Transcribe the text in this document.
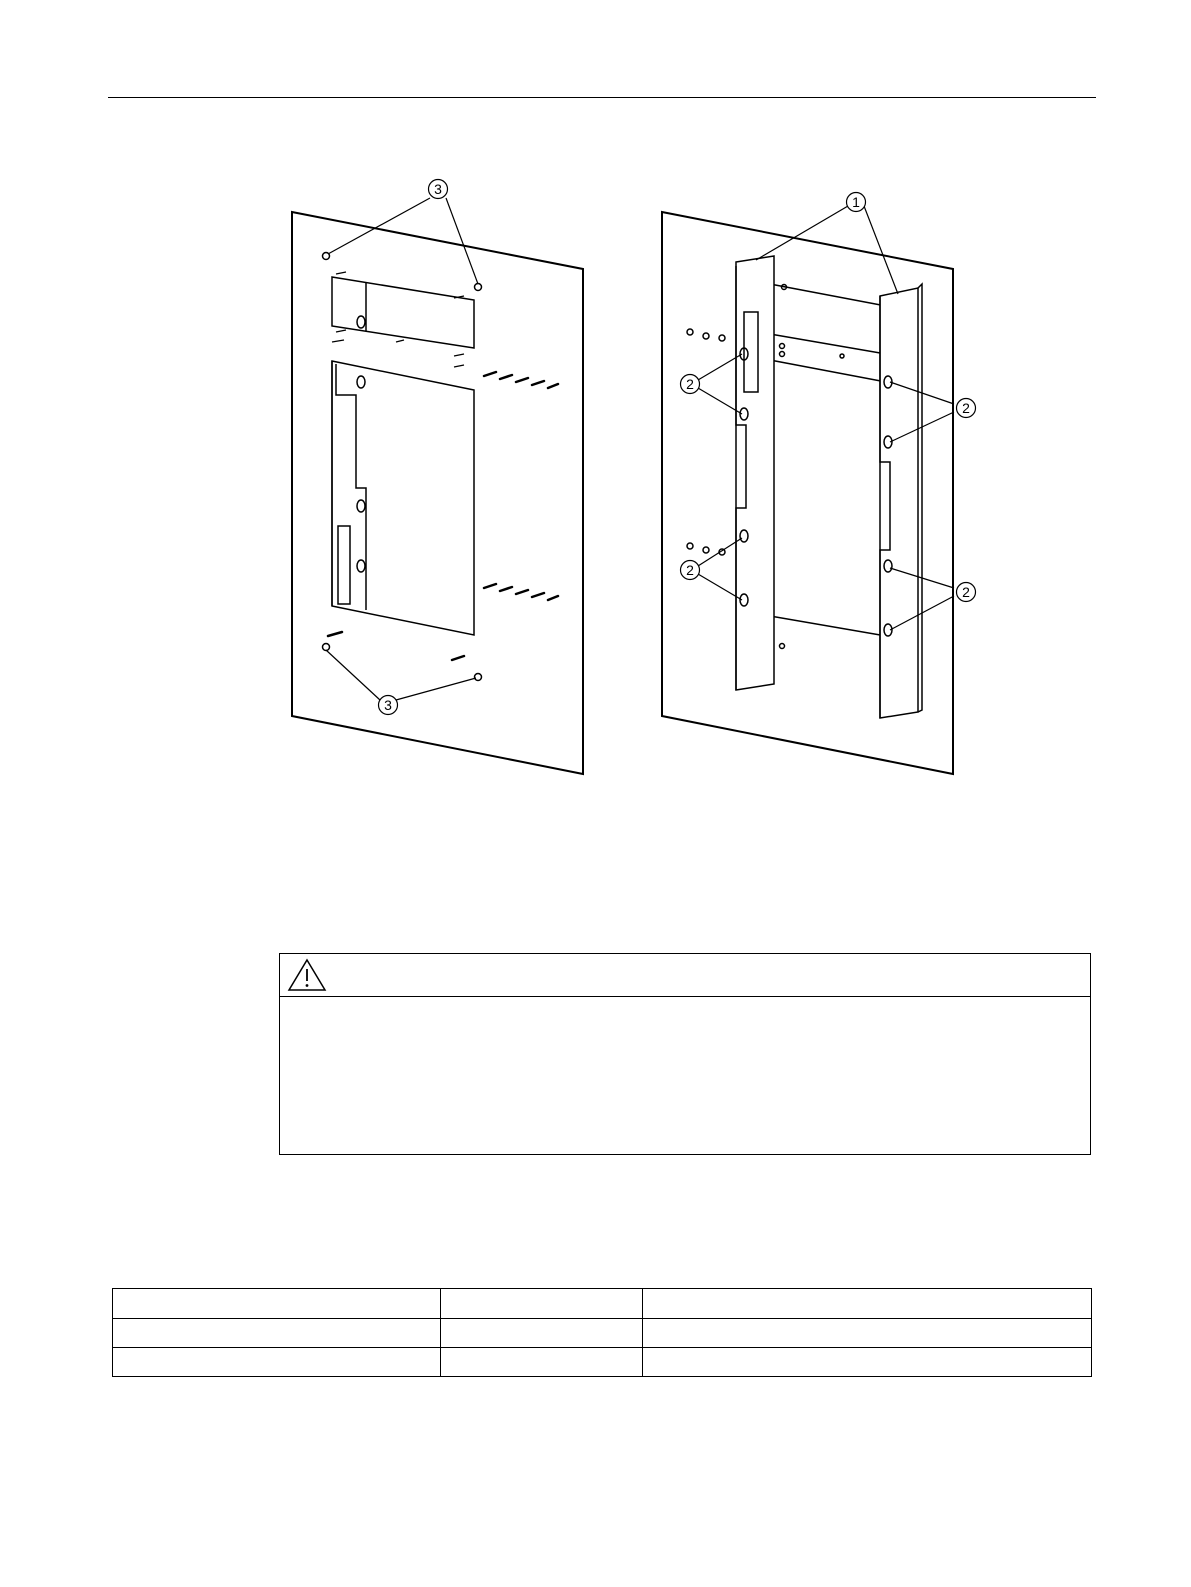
3
3
1
2
2
2
2
